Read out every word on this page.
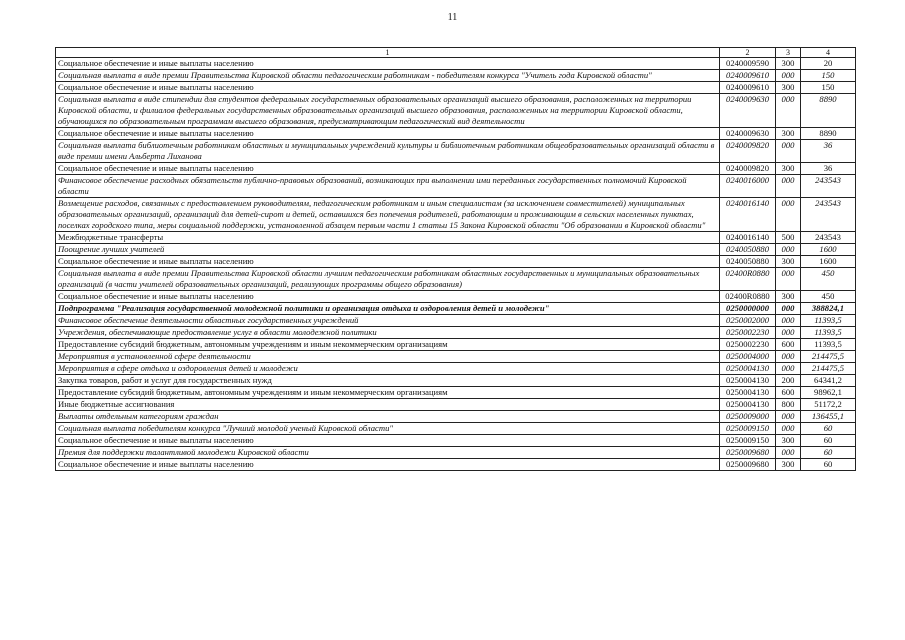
11
1	2	3	4
Социальное обеспечение и иные выплаты населению	0240009590	300	20
Социальная выплата в виде премии Правительства Кировской области педагогическим работникам - победителям конкурса "Учитель года Кировской области"	0240009610	000	150
Социальное обеспечение и иные выплаты населению	0240009610	300	150
Социальная выплата в виде стипендии для студентов федеральных государственных образовательных организаций высшего образования, расположенных на территории Кировской области, и филиалов федеральных государственных образовательных организаций высшего образования, расположенных на территории Кировской области, обучающихся по образовательным программам высшего образования, предусматривающим педагогический вид деятельности	0240009630	000	8890
Социальное обеспечение и иные выплаты населению	0240009630	300	8890
Социальная выплата библиотечным работникам областных и муниципальных учреждений культуры и библиотечным работникам общеобразовательных организаций области в виде премии имени Альберта Лиханова	0240009820	000	36
Социальное обеспечение и иные выплаты населению	0240009820	300	36
Финансовое обеспечение расходных обязательств публично-правовых образований, возникающих при выполнении ими переданных государственных полномочий Кировской области	0240016000	000	243543
Возмещение расходов, связанных с предоставлением руководителям, педагогическим работникам и иным специалистам (за исключением совместителей) муниципальных образовательных организаций, организаций для детей-сирот и детей, оставшихся без попечения родителей, работающим и проживающим в сельских населенных пунктах, поселках городского типа, меры социальной поддержки, установленной абзацем первым части 1 статьи 15 Закона Кировской области "Об образовании в Кировской области"	0240016140	000	243543
Межбюджетные трансферты	0240016140	500	243543
Поощрение лучших учителей	0240050880	000	1600
Социальное обеспечение и иные выплаты населению	0240050880	300	1600
Социальная выплата в виде премии Правительства Кировской области лучшим педагогическим работникам областных государственных и муниципальных образовательных организаций (в части учителей образовательных организаций, реализующих программы общего образования)	02400R0880	000	450
Социальное обеспечение и иные выплаты населению	02400R0880	300	450
Подпрограмма "Реализация государственной молодежной политики и организация отдыха и оздоровления детей и молодежи"	0250000000	000	388824,1
Финансовое обеспечение деятельности областных государственных учреждений	0250002000	000	11393,5
Учреждения, обеспечивающие предоставление услуг в области молодежной политики	0250002230	000	11393,5
Предоставление субсидий бюджетным, автономным учреждениям и иным некоммерческим организациям	0250002230	600	11393,5
Мероприятия в установленной сфере деятельности	0250004000	000	214475,5
Мероприятия в сфере отдыха и оздоровления детей и молодежи	0250004130	000	214475,5
Закупка товаров, работ и услуг для государственных нужд	0250004130	200	64341,2
Предоставление субсидий бюджетным, автономным учреждениям и иным некоммерческим организациям	0250004130	600	98962,1
Иные бюджетные ассигнования	0250004130	800	51172,2
Выплаты отдельным категориям граждан	0250009000	000	136455,1
Социальная выплата победителям конкурса "Лучший молодой ученый Кировской области"	0250009150	000	60
Социальное обеспечение и иные выплаты населению	0250009150	300	60
Премия для поддержки талантливой молодежи Кировской области	0250009680	000	60
Социальное обеспечение и иные выплаты населению	0250009680	300	60
